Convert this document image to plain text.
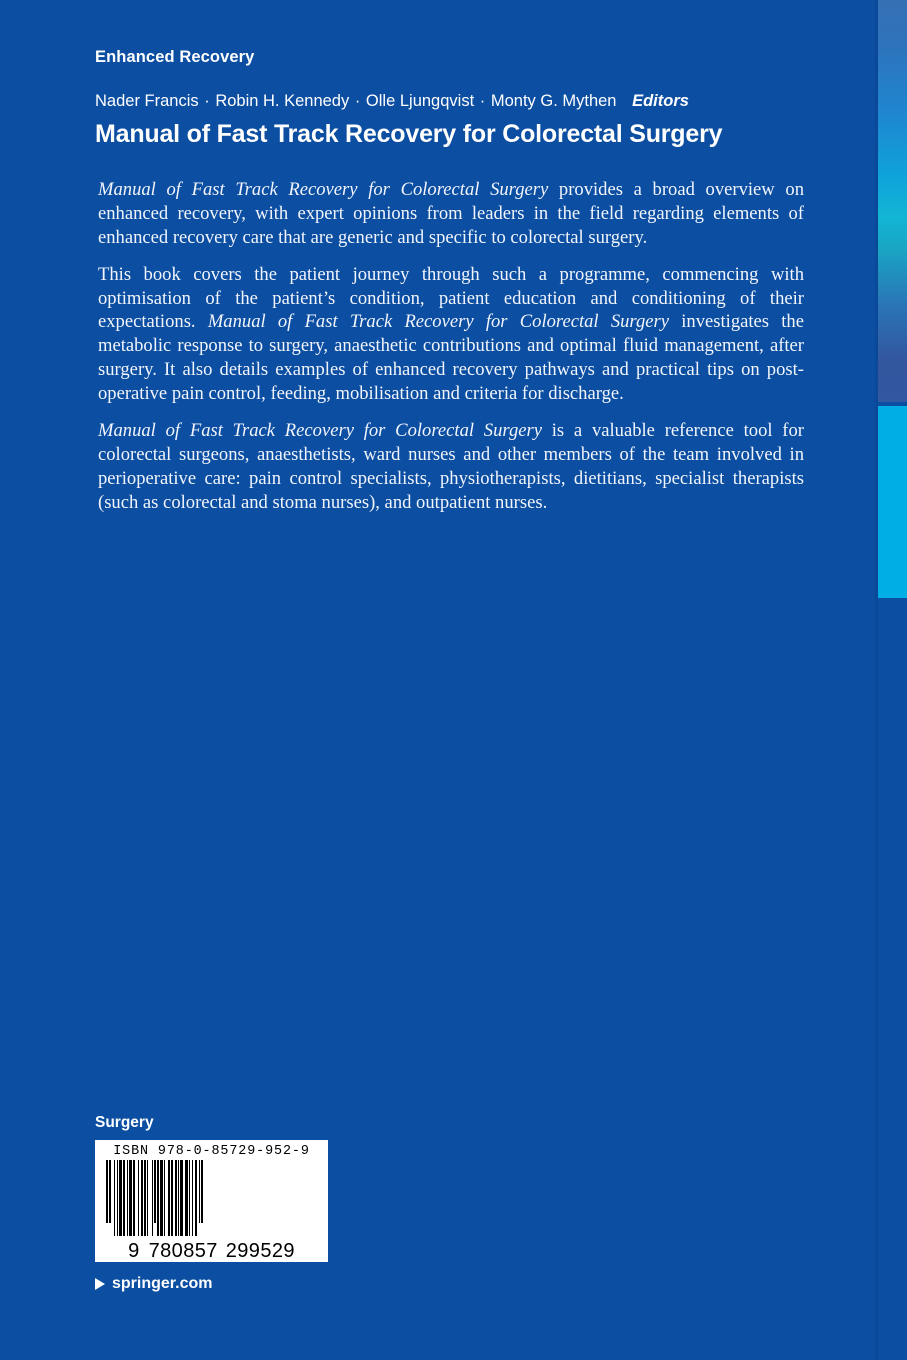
Enhanced Recovery
Nader Francis · Robin H. Kennedy · Olle Ljungqvist · Monty G. Mythen Editors
Manual of Fast Track Recovery for Colorectal Surgery

Manual of Fast Track Recovery for Colorectal Surgery provides a broad overview on enhanced recovery, with expert opinions from leaders in the field regarding elements of enhanced recovery care that are generic and specific to colorectal surgery.

This book covers the patient journey through such a programme, commencing with optimisation of the patient’s condition, patient education and conditioning of their expectations. Manual of Fast Track Recovery for Colorectal Surgery investigates the metabolic response to surgery, anaesthetic contributions and optimal fluid management, after surgery. It also details examples of enhanced recovery pathways and practical tips on post-operative pain control, feeding, mobilisation and criteria for discharge.

Manual of Fast Track Recovery for Colorectal Surgery is a valuable reference tool for colorectal surgeons, anaesthetists, ward nurses and other members of the team involved in perioperative care: pain control specialists, physiotherapists, dietitians, specialist therapists (such as colorectal and stoma nurses), and outpatient nurses.

Surgery
ISBN 978-0-85729-952-9
9 780857 299529
springer.com
